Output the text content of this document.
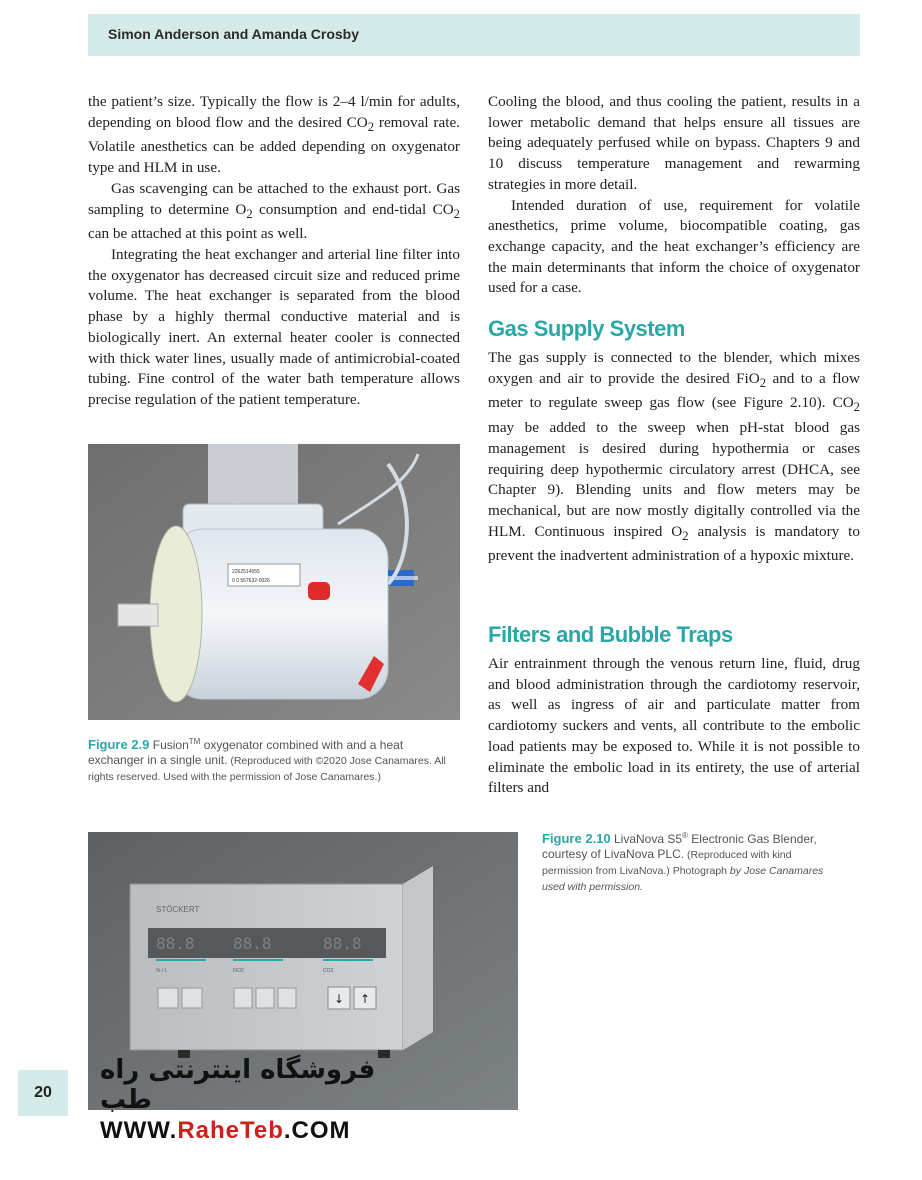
Simon Anderson and Amanda Crosby

the patient’s size. Typically the flow is 2–4 l/min for adults, depending on blood flow and the desired $CO_2$ removal rate. Volatile anesthetics can be added depending on oxygenator type and HLM in use.

Gas scavenging can be attached to the exhaust port. Gas sampling to determine $O_2$ consumption and end-tidal $CO_2$ can be attached at this point as well.

Integrating the heat exchanger and arterial line filter into the oxygenator has decreased circuit size and reduced prime volume. The heat exchanger is separated from the blood phase by a highly thermal conductive material and is biologically inert. An external heater cooler is connected with thick water lines, usually made of antimicrobial-coated tubing. Fine control of the water bath temperature allows precise regulation of the patient temperature.

2262514555
0 0 567632-0026
Figure 2.9 Fusion™ oxygenator combined with and a heat exchanger in a single unit. (Reproduced with ©2020 Jose Canamares. All rights reserved. Used with the permission of Jose Canamares.)

Cooling the blood, and thus cooling the patient, results in a lower metabolic demand that helps ensure all tissues are being adequately perfused while on bypass. Chapters 9 and 10 discuss temperature management and rewarming strategies in more detail.

Intended duration of use, requirement for volatile anesthetics, prime volume, biocompatible coating, gas exchange capacity, and the heat exchanger’s efficiency are the main determinants that inform the choice of oxygenator used for a case.

Gas Supply System

The gas supply is connected to the blender, which mixes oxygen and air to provide the desired FiO$_2$ and to a flow meter to regulate sweep gas flow (see Figure 2.10). $CO_2$ may be added to the sweep when pH-stat blood gas management is desired during hypothermia or cases requiring deep hypothermic circulatory arrest (DHCA, see Chapter 9). Blending units and flow meters may be mechanical, but are now mostly digitally controlled via the HLM. Continuous inspired $O_2$ analysis is mandatory to prevent the inadvertent administration of a hypoxic mixture.

Filters and Bubble Traps

Air entrainment through the venous return line, fluid, drug and blood administration through the cardiotomy reservoir, as well as ingress of air and particulate matter from cardiotomy suckers and vents, all contribute to the embolic load patients may be exposed to. While it is not possible to eliminate the embolic load in its entirety, the use of arterial filters and

STÖCKERT
88.8 88.8	88.8
% / L	FiO2	CO2
↓ ↑
Figure 2.10 LivaNova S5® Electronic Gas Blender, courtesy of LivaNova PLC. (Reproduced with kind permission from LivaNova.) Photograph by Jose Canamares used with permission.
20
فروشگاه اینترنتی راه طب
WWW.RaheTeb.COM
